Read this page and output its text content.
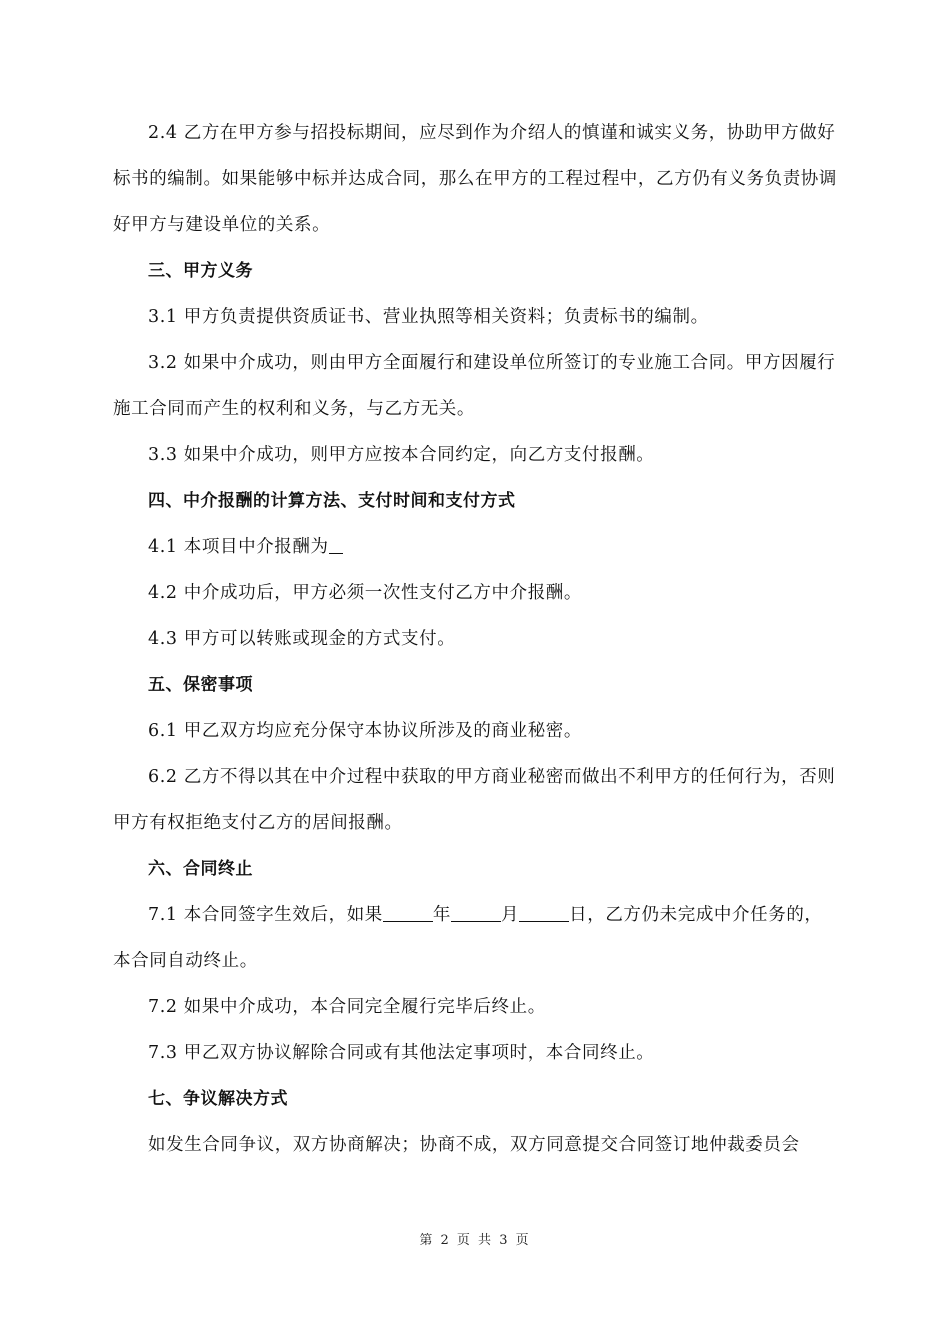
2.4 乙方在甲方参与招投标期间，应尽到作为介绍人的慎谨和诚实义务，协助甲方做好标书的编制。如果能够中标并达成合同，那么在甲方的工程过程中，乙方仍有义务负责协调好甲方与建设单位的关系。

三、甲方义务

3.1 甲方负责提供资质证书、营业执照等相关资料；负责标书的编制。

3.2 如果中介成功，则由甲方全面履行和建设单位所签订的专业施工合同。甲方因履行施工合同而产生的权利和义务，与乙方无关。

3.3 如果中介成功，则甲方应按本合同约定，向乙方支付报酬。

四、中介报酬的计算方法、支付时间和支付方式

4.1 本项目中介报酬为

4.2 中介成功后，甲方必须一次性支付乙方中介报酬。

4.3 甲方可以转账或现金的方式支付。

五、保密事项

6.1 甲乙双方均应充分保守本协议所涉及的商业秘密。

6.2 乙方不得以其在中介过程中获取的甲方商业秘密而做出不利甲方的任何行为，否则甲方有权拒绝支付乙方的居间报酬。

六、合同终止

7.1 本合同签字生效后，如果	年	月	日，乙方仍未完成中介任务的，本合同自动终止。

7.2 如果中介成功，本合同完全履行完毕后终止。

7.3 甲乙双方协议解除合同或有其他法定事项时，本合同终止。

七、争议解决方式

如发生合同争议，双方协商解决；协商不成，双方同意提交合同签订地仲裁委员会

第 2 页 共 3 页
